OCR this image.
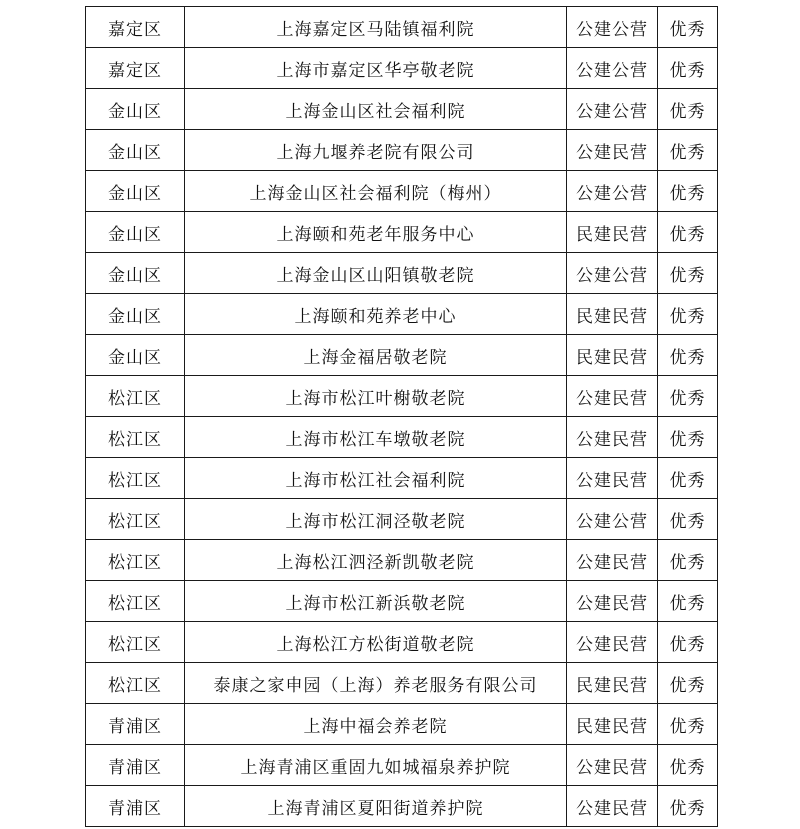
嘉定区	上海嘉定区马陆镇福利院	公建公营	优秀
嘉定区	上海市嘉定区华亭敬老院	公建公营	优秀
金山区	上海金山区社会福利院	公建公营	优秀
金山区	上海九堰养老院有限公司	公建民营	优秀
金山区	上海金山区社会福利院（梅州）	公建公营	优秀
金山区	上海颐和苑老年服务中心	民建民营	优秀
金山区	上海金山区山阳镇敬老院	公建公营	优秀
金山区	上海颐和苑养老中心	民建民营	优秀
金山区	上海金福居敬老院	民建民营	优秀
松江区	上海市松江叶榭敬老院	公建民营	优秀
松江区	上海市松江车墩敬老院	公建民营	优秀
松江区	上海市松江社会福利院	公建民营	优秀
松江区	上海市松江洞泾敬老院	公建公营	优秀
松江区	上海松江泗泾新凯敬老院	公建民营	优秀
松江区	上海市松江新浜敬老院	公建民营	优秀
松江区	上海松江方松街道敬老院	公建民营	优秀
松江区	泰康之家申园（上海）养老服务有限公司	民建民营	优秀
青浦区	上海中福会养老院	民建民营	优秀
青浦区	上海青浦区重固九如城福泉养护院	公建民营	优秀
青浦区	上海青浦区夏阳街道养护院	公建民营	优秀
